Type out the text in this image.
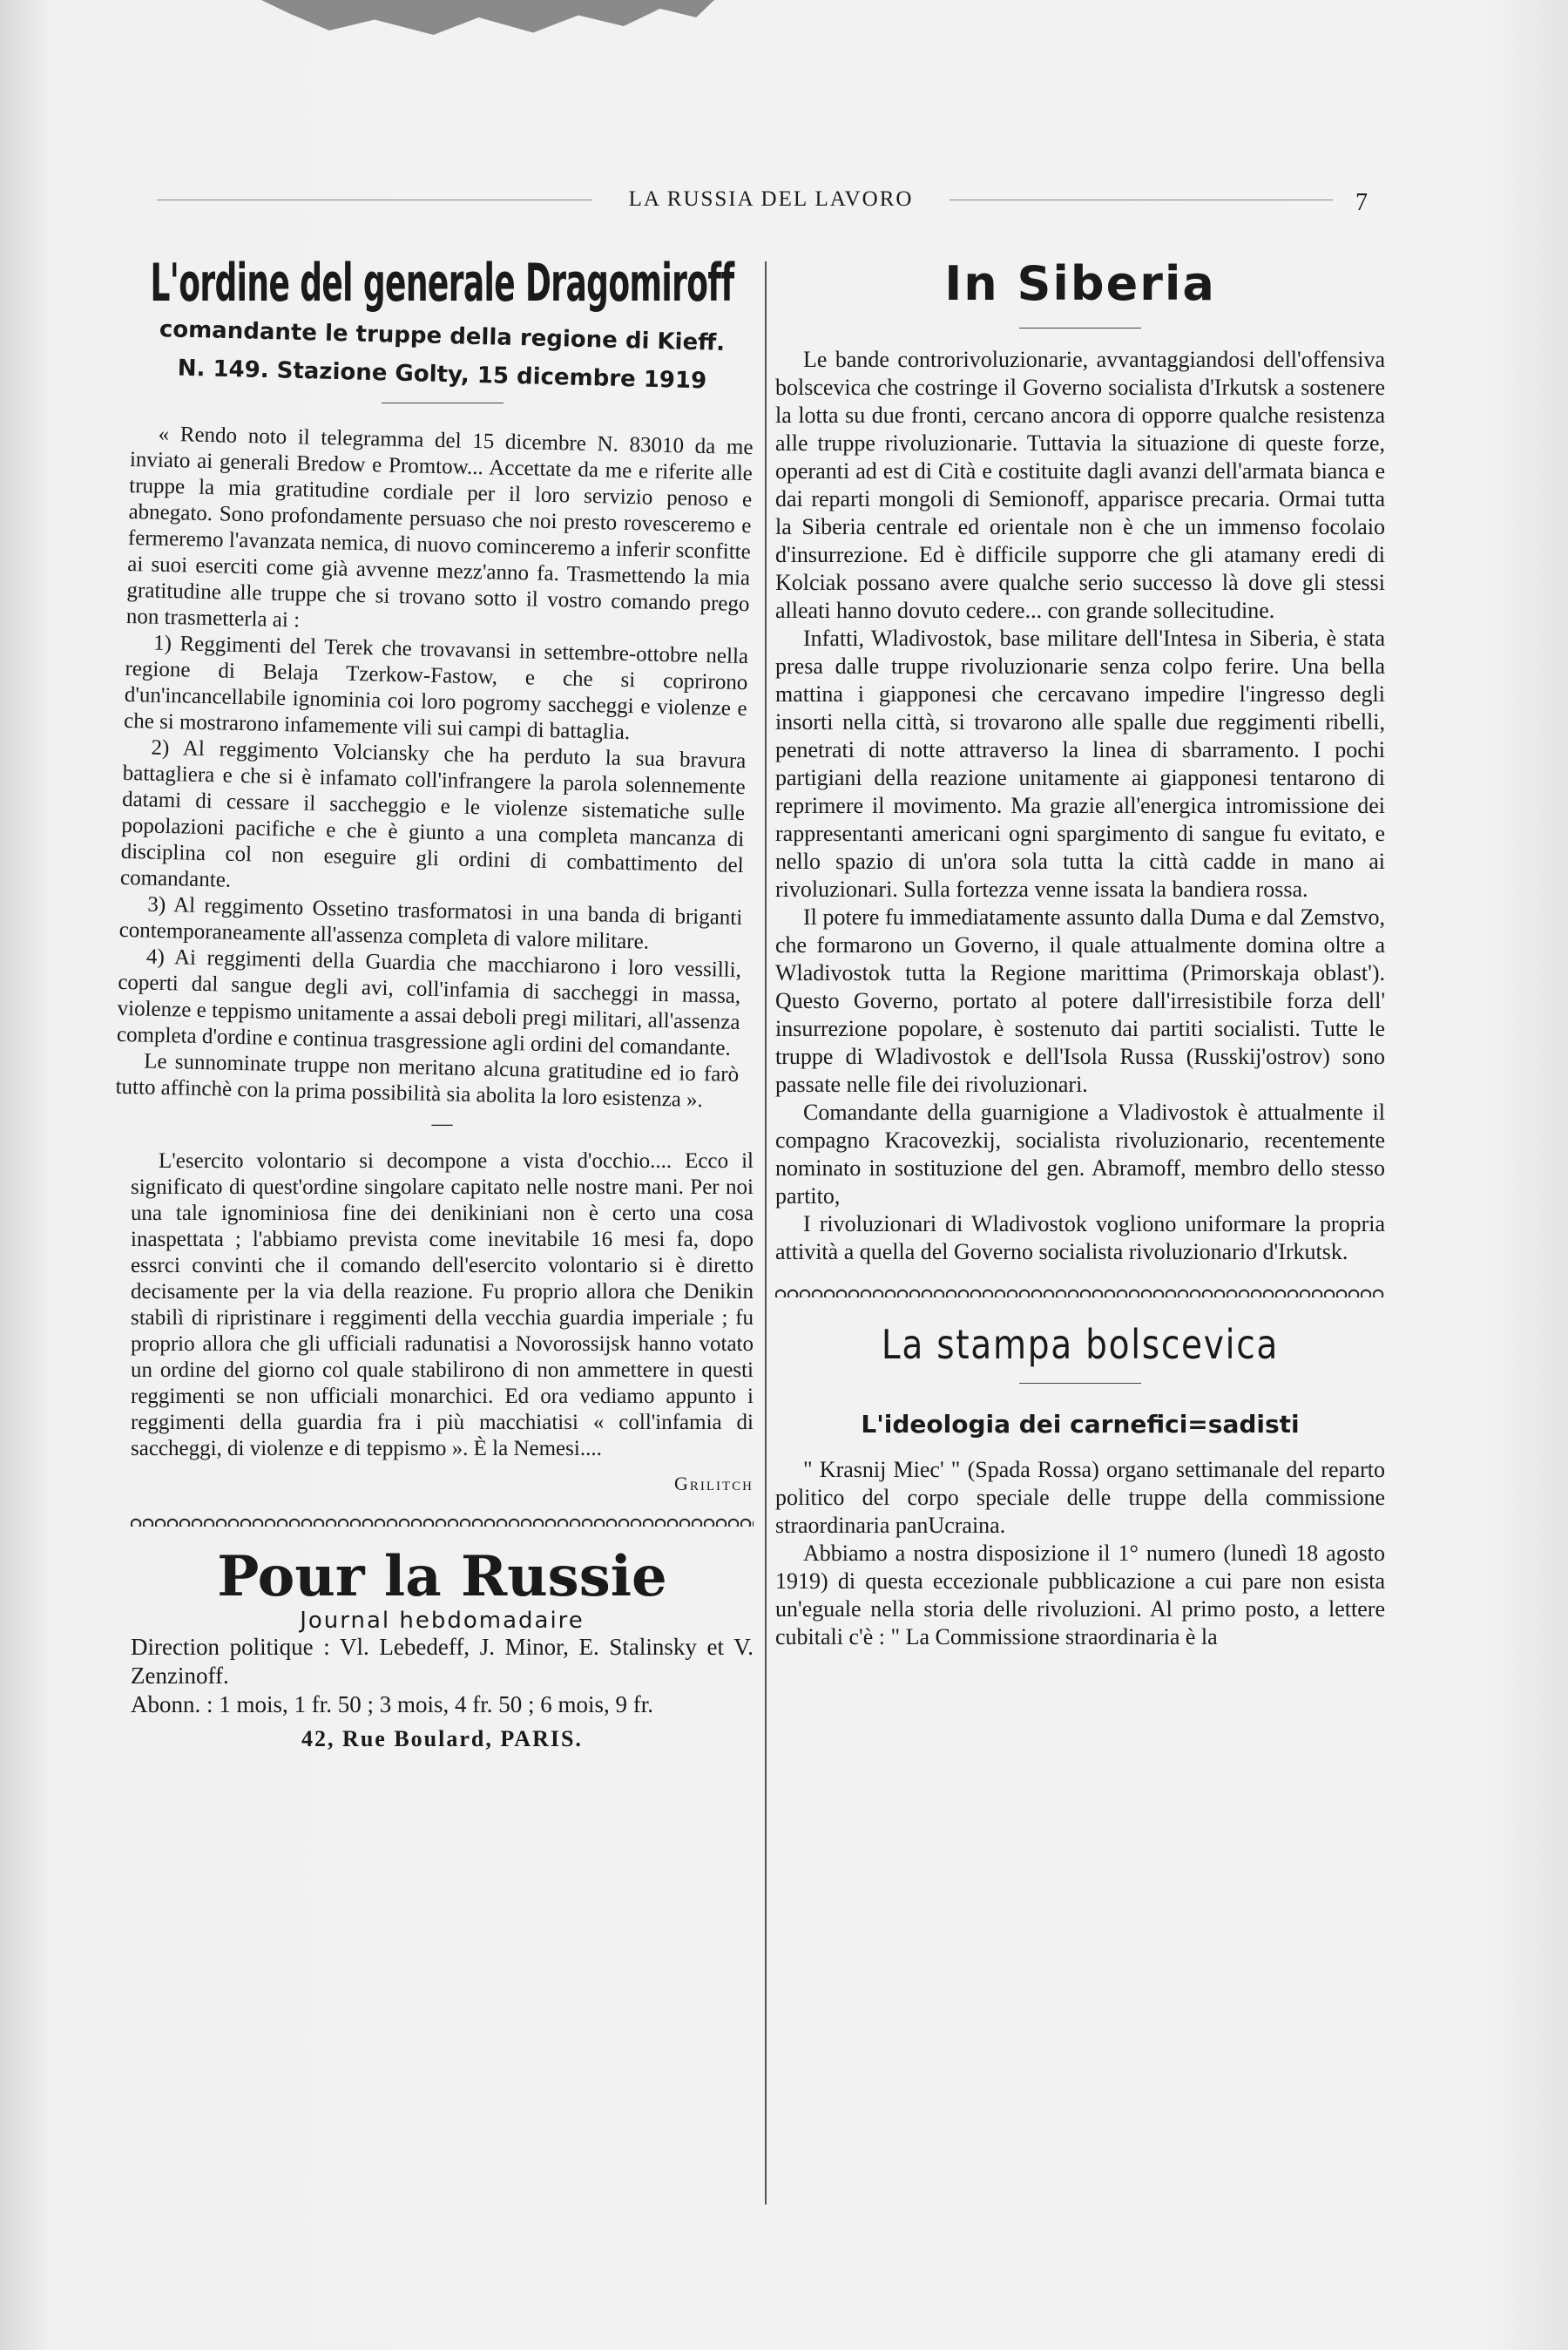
LA RUSSIA DEL LAVORO	7
L'ordine del generale Dragomiroff
comandante le truppe della regione di Kieff.
N. 149. Stazione Golty, 15 dicembre 1919

« Rendo noto il telegramma del 15 dicembre N. 83010 da me inviato ai generali Bredow e Promtow... Accettate da me e riferite alle truppe la mia gratitudine cordiale per il loro servizio penoso e abnegato. Sono profondamente persuaso che noi presto rovesceremo e fermeremo l'avanzata nemica, di nuovo cominceremo a inferir sconfitte ai suoi eserciti come già avvenne mezz'anno fa. Trasmettendo la mia gratitudine alle truppe che si trovano sotto il vostro comando prego non trasmetterla ai :

1) Reggimenti del Terek che trovavansi in settembre-ottobre nella regione di Belaja Tzerkow-Fastow, e che si coprirono d'un'incancellabile ignominia coi loro pogromy saccheggi e violenze e che si mostrarono infamemente vili sui campi di battaglia.

2) Al reggimento Volciansky che ha perduto la sua bravura battagliera e che si è infamato coll'infrangere la parola solennemente datami di cessare il saccheggio e le violenze sistematiche sulle popolazioni pacifiche e che è giunto a una completa mancanza di disciplina col non eseguire gli ordini di combattimento del comandante.

3) Al reggimento Ossetino trasformatosi in una banda di briganti contemporaneamente all'assenza completa di valore militare.

4) Ai reggimenti della Guardia che macchiarono i loro vessilli, coperti dal sangue degli avi, coll'infamia di saccheggi in massa, violenze e teppismo unitamente a assai deboli pregi militari, all'assenza completa d'ordine e continua trasgressione agli ordini del comandante.

Le sunnominate truppe non meritano alcuna gratitudine ed io farò tutto affinchè con la prima possibilità sia abolita la loro esistenza ».

—

L'esercito volontario si decompone a vista d'occhio.... Ecco il significato di quest'ordine singolare capitato nelle nostre mani. Per noi una tale ignominiosa fine dei denikiniani non è certo una cosa inaspettata ; l'abbiamo prevista come inevitabile 16 mesi fa, dopo essrci convinti che il comando dell'esercito volontario si è diretto decisamente per la via della reazione. Fu proprio allora che Denikin stabilì di ripristinare i reggimenti della vecchia guardia imperiale ; fu proprio allora che gli ufficiali radunatisi a Novorossijsk hanno votato un ordine del giorno col quale stabilirono di non ammettere in questi reggimenti se non ufficiali monarchici. Ed ora vediamo appunto i reggimenti della guardia fra i più macchiatisi « coll'infamia di saccheggi, di violenze e di teppismo ». È la Nemesi....

Grilitch
Pour la Russie
Journal hebdomadaire

Direction politique : Vl. Lebedeff, J. Minor, E. Stalinsky et V. Zenzinoff.

Abonn. : 1 mois, 1 fr. 50 ; 3 mois, 4 fr. 50 ; 6 mois, 9 fr.

42, Rue Boulard, PARIS.
In Siberia

Le bande controrivoluzionarie, avvantaggiandosi dell'offensiva bolscevica che costringe il Governo socialista d'Irkutsk a sostenere la lotta su due fronti, cercano ancora di opporre qualche resistenza alle truppe rivoluzionarie. Tuttavia la situazione di queste forze, operanti ad est di Cità e costituite dagli avanzi dell'armata bianca e dai reparti mongoli di Semionoff, apparisce precaria. Ormai tutta la Siberia centrale ed orientale non è che un immenso focolaio d'insurrezione. Ed è difficile supporre che gli atamany eredi di Kolciak possano avere qualche serio successo là dove gli stessi alleati hanno dovuto cedere... con grande sollecitudine.

Infatti, Wladivostok, base militare dell'Intesa in Siberia, è stata presa dalle truppe rivoluzionarie senza colpo ferire. Una bella mattina i giapponesi che cercavano impedire l'ingresso degli insorti nella città, si trovarono alle spalle due reggimenti ribelli, penetrati di notte attraverso la linea di sbarramento. I pochi partigiani della reazione unitamente ai giapponesi tentarono di reprimere il movimento. Ma grazie all'energica intromissione dei rappresentanti americani ogni spargimento di sangue fu evitato, e nello spazio di un'ora sola tutta la città cadde in mano ai rivoluzionari. Sulla fortezza venne issata la bandiera rossa.

Il potere fu immediatamente assunto dalla Duma e dal Zemstvo, che formarono un Governo, il quale attualmente domina oltre a Wladivostok tutta la Regione marittima (Primorskaja oblast'). Questo Governo, portato al potere dall'irresistibile forza dell' insurrezione popolare, è sostenuto dai partiti socialisti. Tutte le truppe di Wladivostok e dell'Isola Russa (Russkij'ostrov) sono passate nelle file dei rivoluzionari.

Comandante della guarnigione a Vladivostok è attualmente il compagno Kracovezkij, socialista rivoluzionario, recentemente nominato in sostituzione del gen. Abramoff, membro dello stesso partito,

I rivoluzionari di Wladivostok vogliono uniformare la propria attività a quella del Governo socialista rivoluzionario d'Irkutsk.

La stampa bolscevica
L'ideologia dei carnefici=sadisti

" Krasnij Miec' " (Spada Rossa) organo settimanale del reparto politico del corpo speciale delle truppe della commissione straordinaria panUcraina.

Abbiamo a nostra disposizione il 1° numero (lunedì 18 agosto 1919) di questa eccezionale pubblicazione a cui pare non esista un'eguale nella storia delle rivoluzioni. Al primo posto, a lettere cubitali c'è : " La Commissione straordinaria è la
